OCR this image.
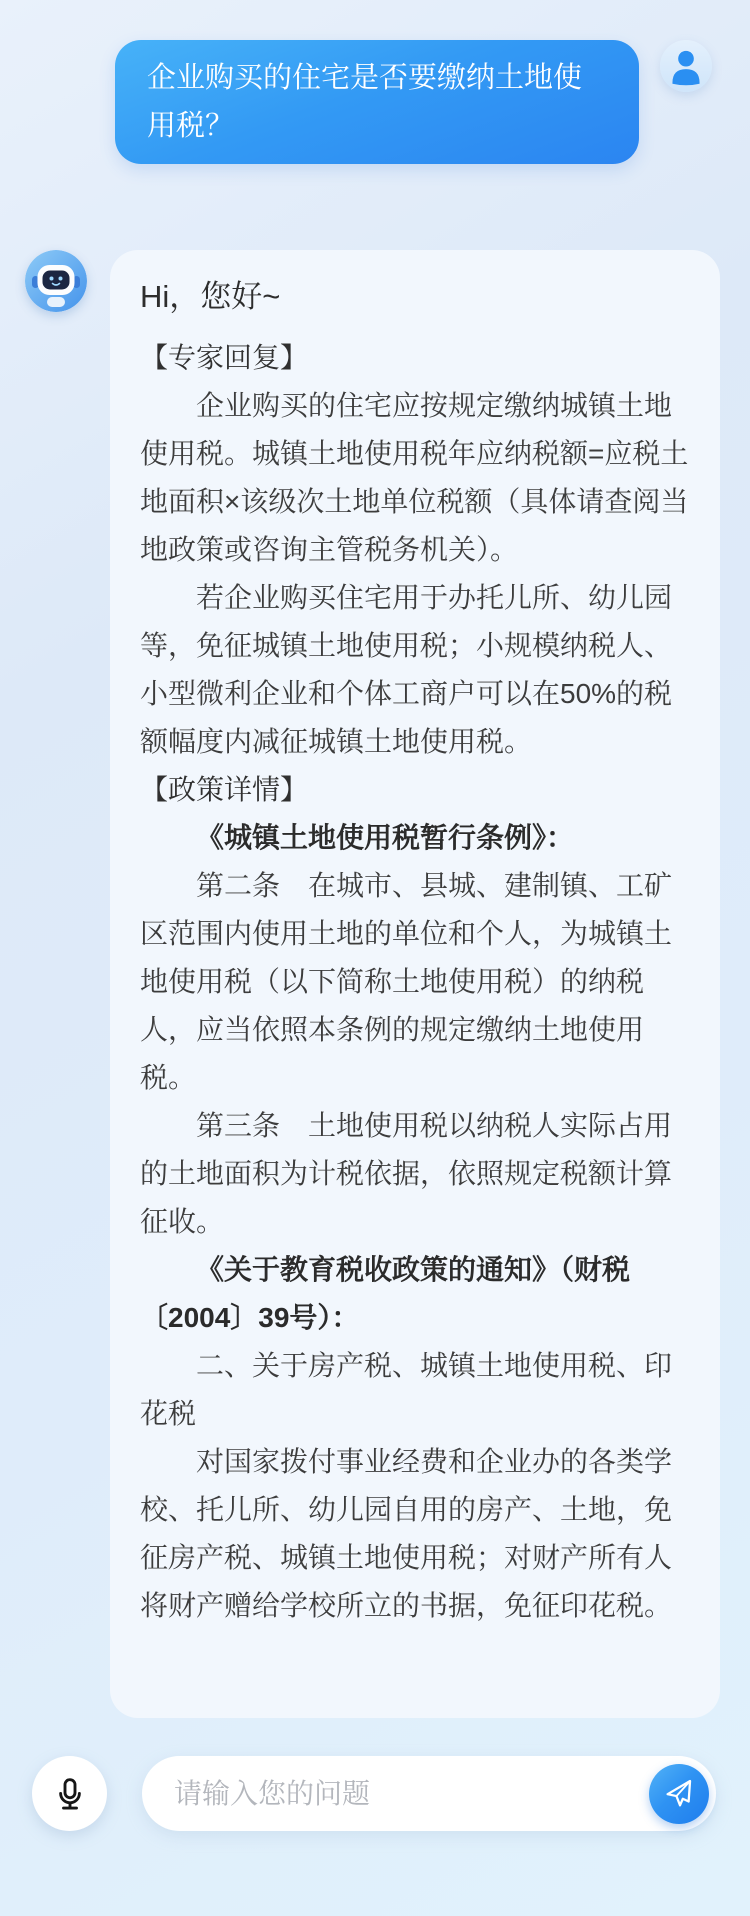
企业购买的住宅是否要缴纳土地使用税？
Hi，您好~

【专家回复】

企业购买的住宅应按规定缴纳城镇土地使用税。城镇土地使用税年应纳税额=应税土地面积×该级次土地单位税额（具体请查阅当地政策或咨询主管税务机关）。

若企业购买住宅用于办托儿所、幼儿园等，免征城镇土地使用税；小规模纳税人、小型微利企业和个体工商户可以在50%的税额幅度内减征城镇土地使用税。

【政策详情】

《城镇土地使用税暂行条例》：

第二条　在城市、县城、建制镇、工矿区范围内使用土地的单位和个人，为城镇土地使用税（以下简称土地使用税）的纳税人，应当依照本条例的规定缴纳土地使用税。

第三条　土地使用税以纳税人实际占用的土地面积为计税依据，依照规定税额计算征收。

《关于教育税收政策的通知》（财税〔2004〕39号）：

二、关于房产税、城镇土地使用税、印花税

对国家拨付事业经费和企业办的各类学校、托儿所、幼儿园自用的房产、土地，免征房产税、城镇土地使用税；对财产所有人将财产赠给学校所立的书据，免征印花税。

请输入您的问题
